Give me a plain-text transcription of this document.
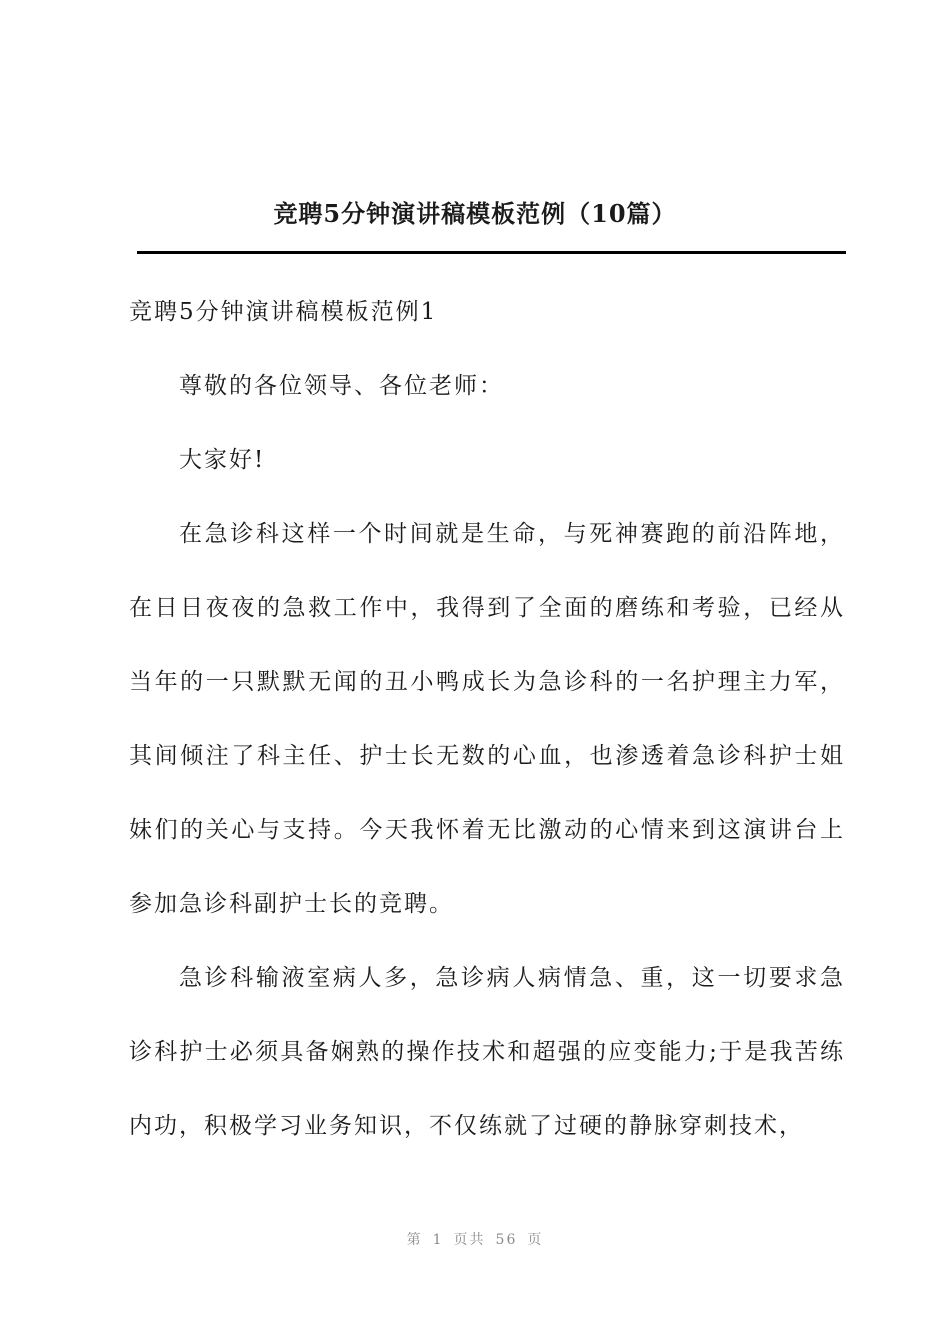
竞聘5分钟演讲稿模板范例（10篇）

竞聘5分钟演讲稿模板范例1

尊敬的各位领导、各位老师：

大家好!

在急诊科这样一个时间就是生命，与死神赛跑的前沿阵地，在日日夜夜的急救工作中，我得到了全面的磨练和考验，已经从当年的一只默默无闻的丑小鸭成长为急诊科的一名护理主力军，其间倾注了科主任、护士长无数的心血，也渗透着急诊科护士姐妹们的关心与支持。今天我怀着无比激动的心情来到这演讲台上参加急诊科副护士长的竞聘。

急诊科输液室病人多，急诊病人病情急、重，这一切要求急诊科护士必须具备娴熟的操作技术和超强的应变能力;于是我苦练内功，积极学习业务知识，不仅练就了过硬的静脉穿刺技术，

第 1 页共 56 页
